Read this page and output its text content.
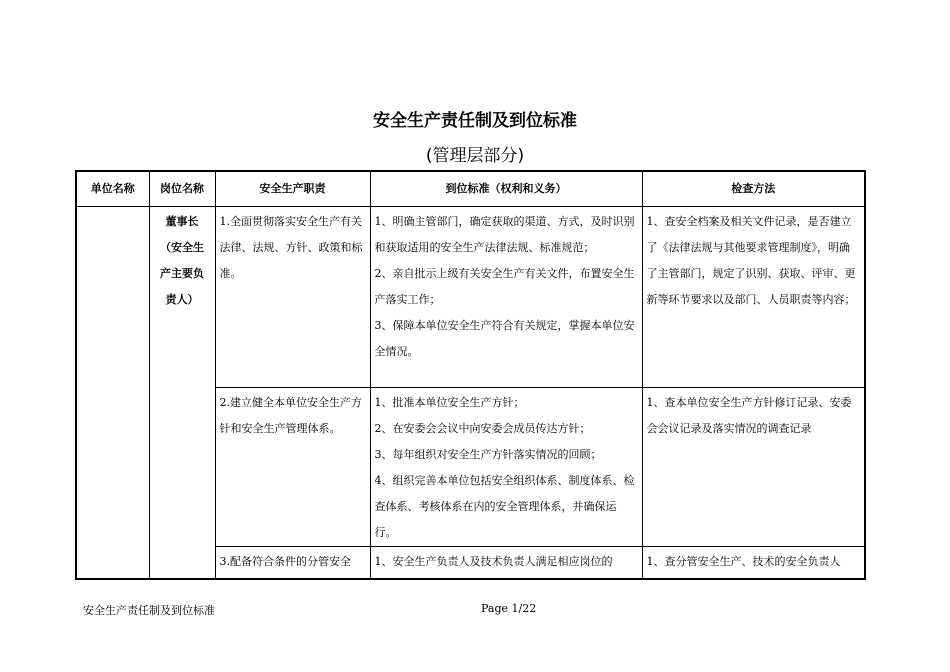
安全生产责任制及到位标准
(管理层部分)
单位名称	岗位名称	安全生产职责	到位标准（权利和义务）	检查方法

	董事长
（安全生
产主要负
责人）	1.全面贯彻落实安全生产有关法律、法规、方针、政策和标准。	1、明确主管部门，确定获取的渠道、方式，及时识别和获取适用的安全生产法律法规、标准规范；
2、亲自批示上级有关安全生产有关文件，布置安全生产落实工作；
3、保障本单位安全生产符合有关规定，掌握本单位安全情况。	1、查安全档案及相关文件记录，是否建立了《法律法规与其他要求管理制度》，明确了主管部门，规定了识别、获取、评审、更新等环节要求以及部门、人员职责等内容；
		2.建立健全本单位安全生产方针和安全生产管理体系。	1、批准本单位安全生产方针；
2、在安委会会议中向安委会成员传达方针；
3、每年组织对安全生产方针落实情况的回顾；
4、组织完善本单位包括安全组织体系、制度体系、检查体系、考核体系在内的安全管理体系，并确保运行。	1、查本单位安全生产方针修订记录、安委会会议记录及落实情况的调查记录
		3.配备符合条件的分管安全	1、安全生产负责人及技术负责人满足相应岗位的	1、查分管安全生产、技术的安全负责人
安全生产责任制及到位标准	Page 1/22
